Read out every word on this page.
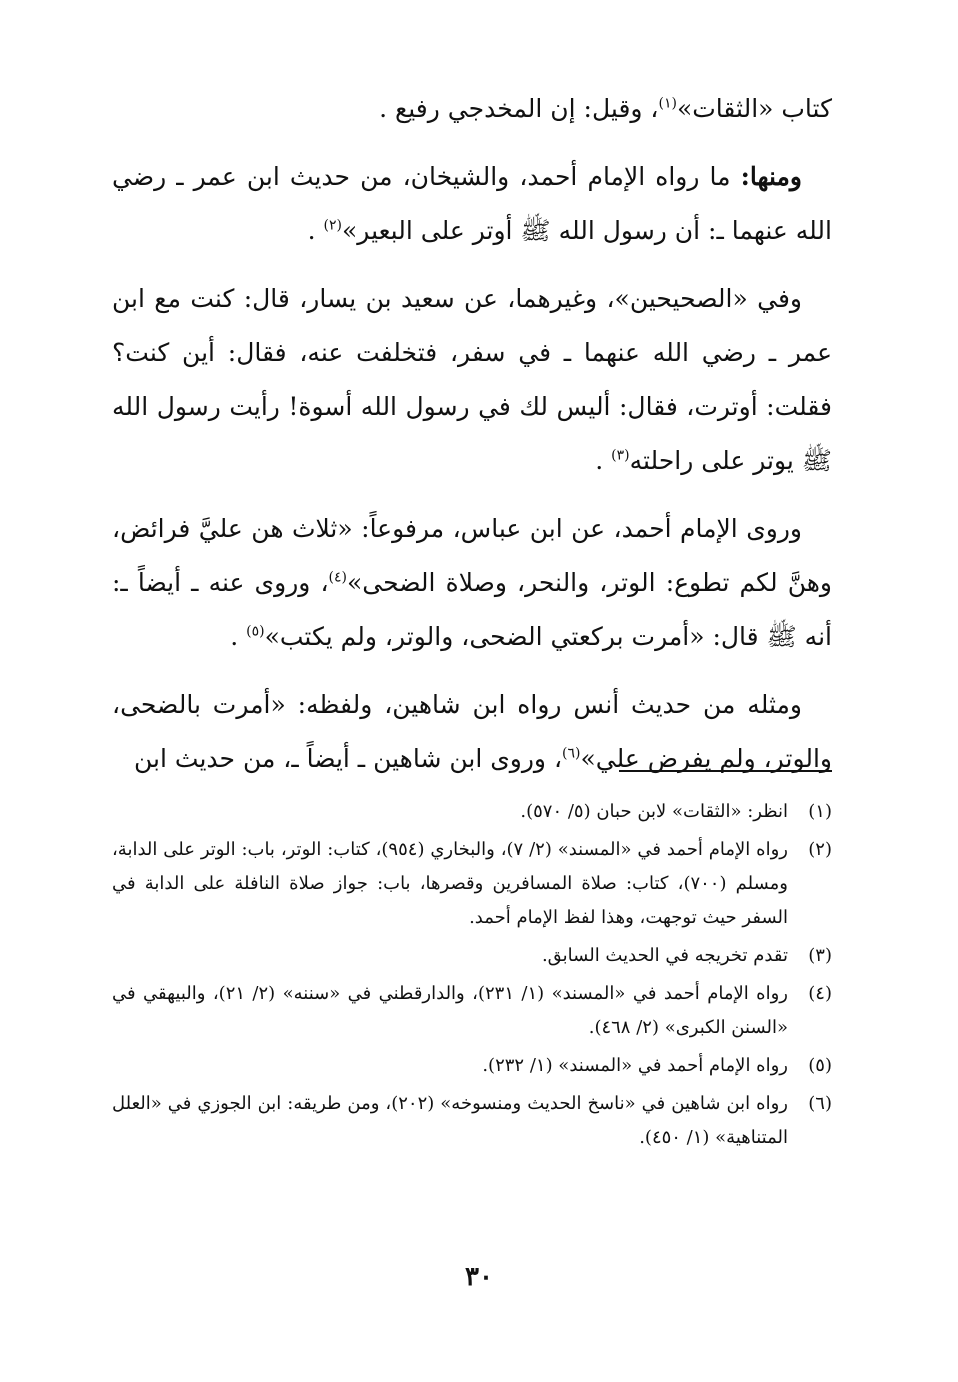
كتاب «الثقات»$^{(١)}$، وقيل: إن المخدجي رفيع .

ومنها: ما رواه الإمام أحمد، والشيخان، من حديث ابن عمر ـ رضي الله عنهما ـ: أن رسول الله ﷺ أوتر على البعير»$^{(٢)}$ .

وفي «الصحيحين»، وغيرهما، عن سعيد بن يسار، قال: كنت مع ابن عمر ـ رضي الله عنهما ـ في سفر، فتخلفت عنه، فقال: أين كنت؟ فقلت: أوترت، فقال: أليس لك في رسول الله أسوة! رأيت رسول الله ﷺ يوتر على راحلته$^{(٣)}$ .

وروى الإمام أحمد، عن ابن عباس، مرفوعاً: «ثلاث هن عليَّ فرائض، وهنَّ لكم تطوع: الوتر، والنحر، وصلاة الضحى»$^{(٤)}$، وروى عنه ـ أيضاً ـ: أنه ﷺ قال: «أمرت بركعتي الضحى، والوتر، ولم يكتب»$^{(٥)}$ .

ومثله من حديث أنس رواه ابن شاهين، ولفظه: «أمرت بالضحى، والوتر، ولم يفرض علي»$^{(٦)}$، وروى ابن شاهين ـ أيضاً ـ، من حديث ابن

(١)
انظر: «الثقات» لابن حبان (٥/ ٥٧٠).
(٢)
رواه الإمام أحمد في «المسند» (٢/ ٧)، والبخاري (٩٥٤)، كتاب: الوتر، باب: الوتر على الدابة، ومسلم (٧٠٠)، كتاب: صلاة المسافرين وقصرها، باب: جواز صلاة النافلة على الدابة في السفر حيث توجهت، وهذا لفظ الإمام أحمد.
(٣)
تقدم تخريجه في الحديث السابق.
(٤)
رواه الإمام أحمد في «المسند» (١/ ٢٣١)، والدارقطني في «سننه» (٢/ ٢١)، والبيهقي في «السنن الكبرى» (٢/ ٤٦٨).
(٥)
رواه الإمام أحمد في «المسند» (١/ ٢٣٢).
(٦)
رواه ابن شاهين في «ناسخ الحديث ومنسوخه» (٢٠٢)، ومن طريقه: ابن الجوزي في «العلل المتناهية» (١/ ٤٥٠).
٣٠
